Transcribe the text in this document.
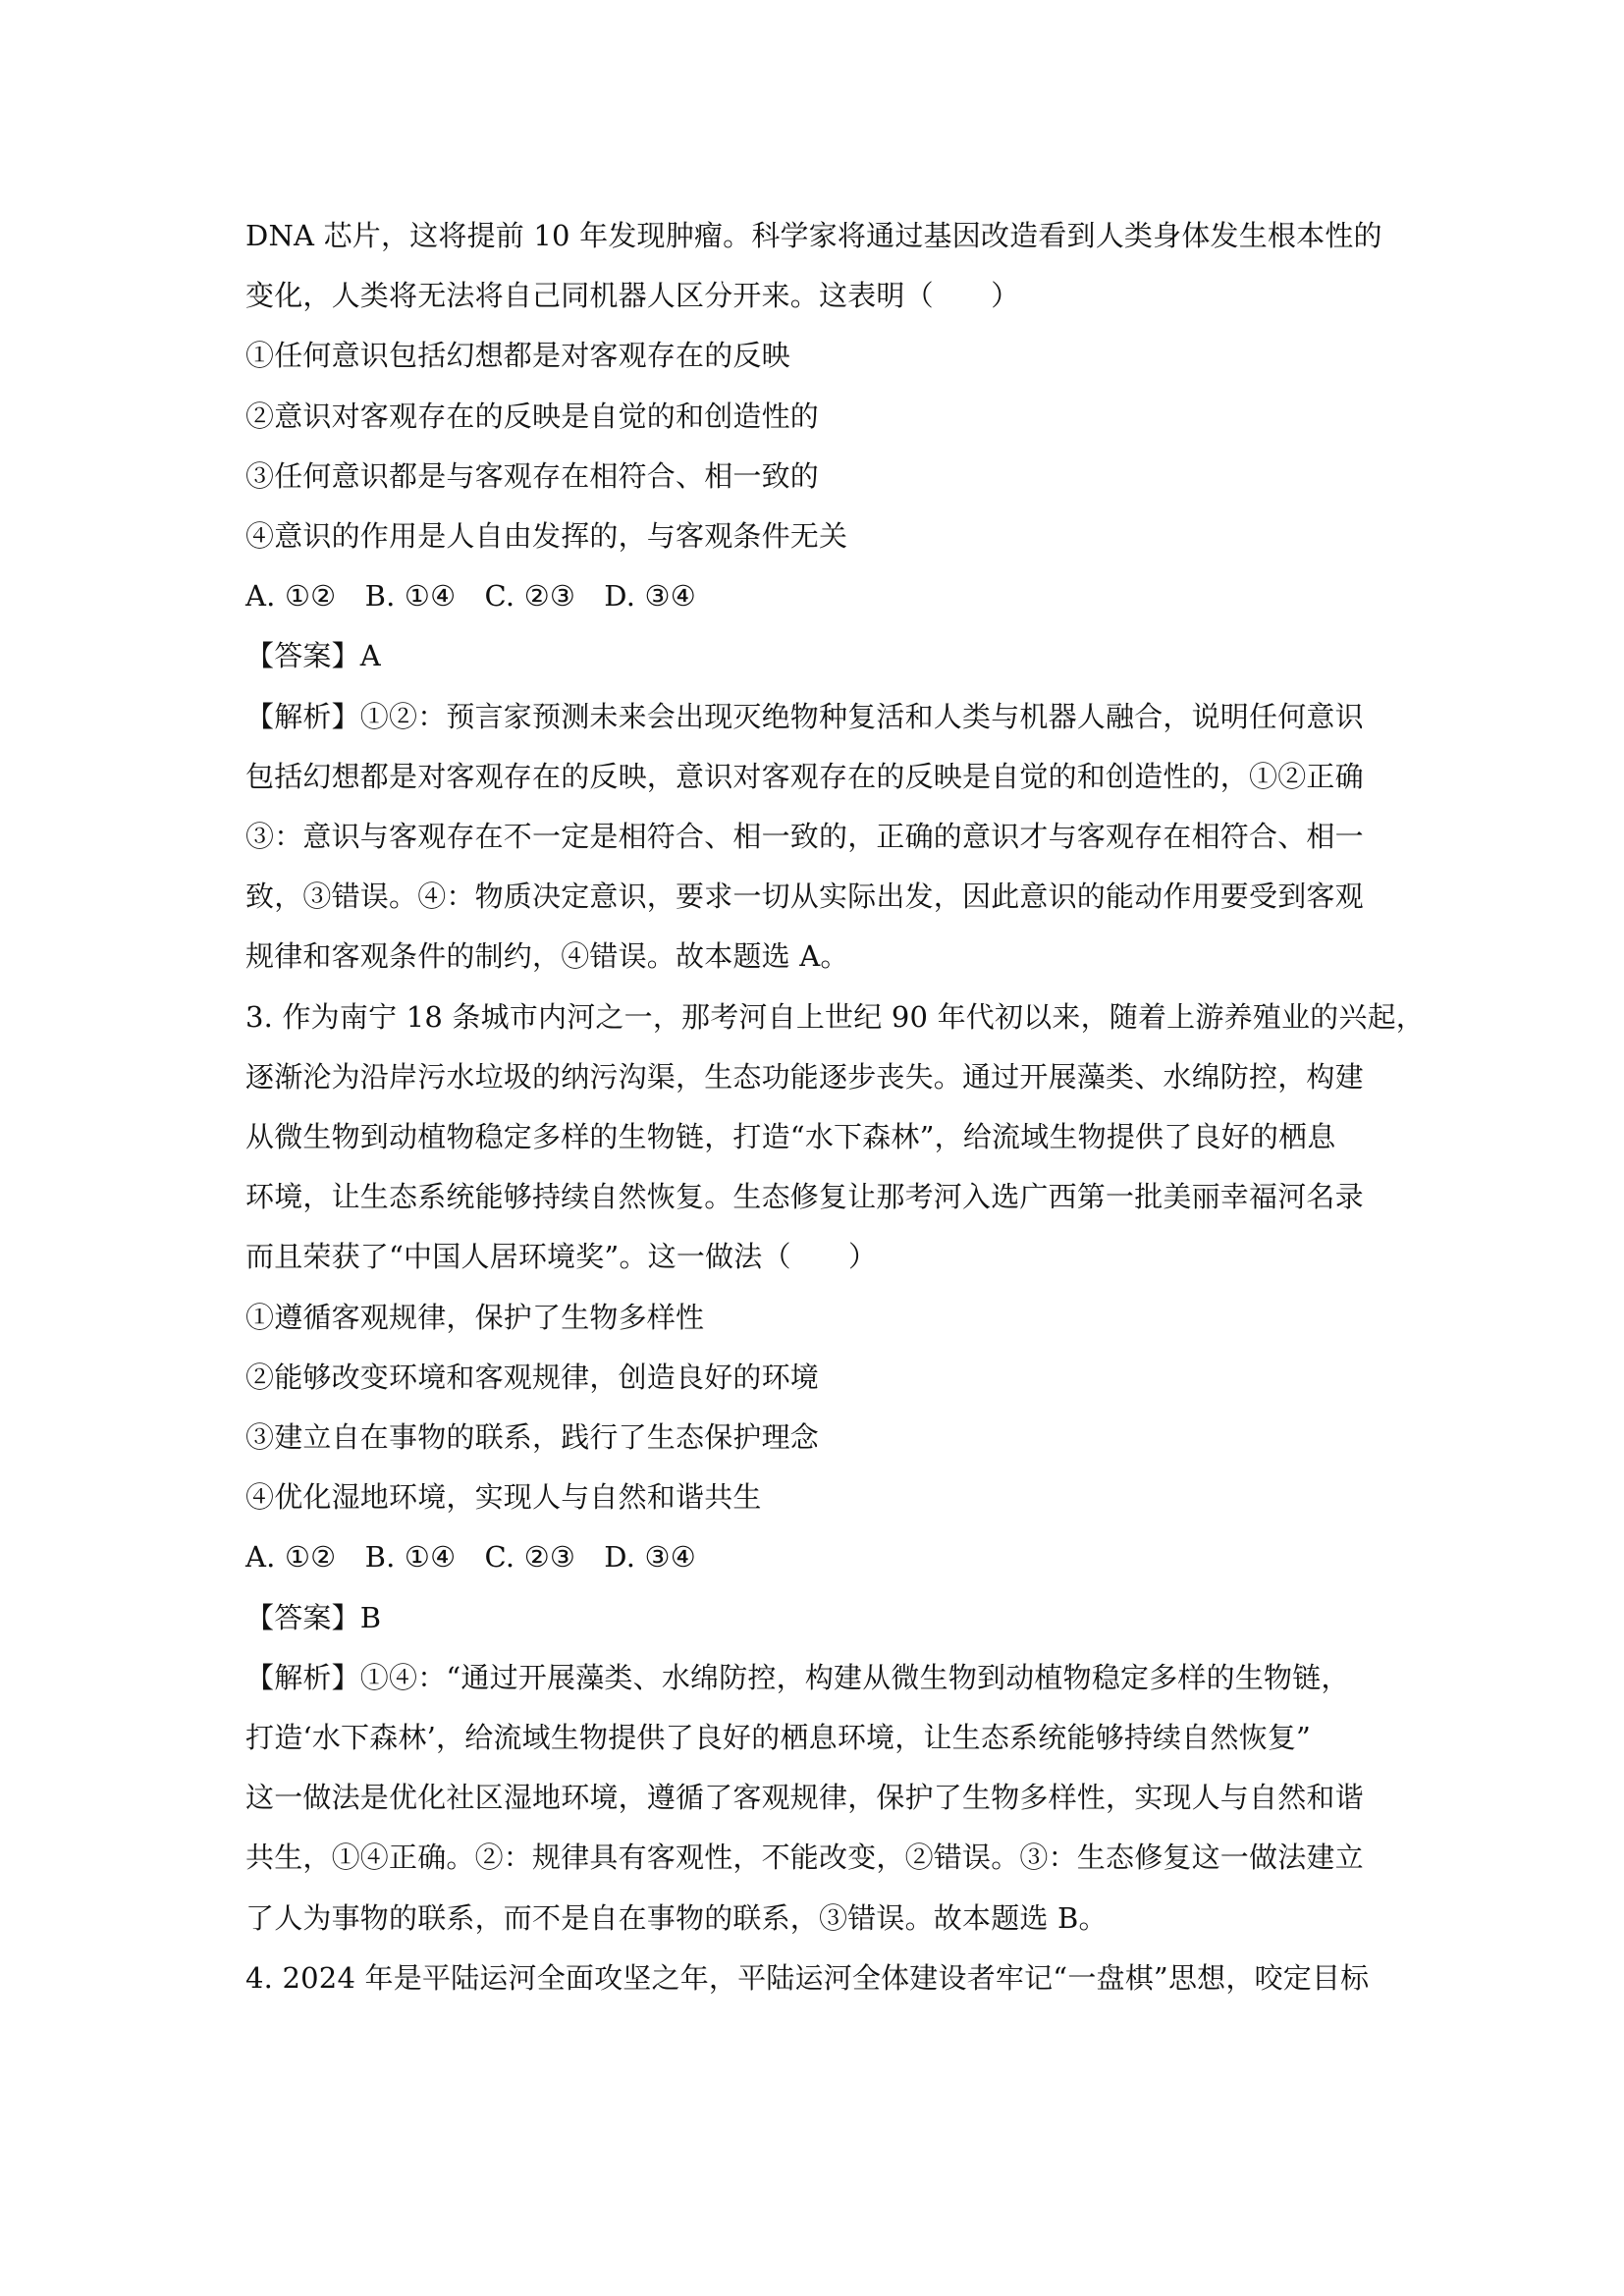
DNA 芯片，这将提前 10 年发现肿瘤。科学家将通过基因改造看到人类身体发生根本性的

变化，人类将无法将自己同机器人区分开来。这表明（　　）

①任何意识包括幻想都是对客观存在的反映

②意识对客观存在的反映是自觉的和创造性的

③任何意识都是与客观存在相符合、相一致的

④意识的作用是人自由发挥的，与客观条件无关

A. ①②　B. ①④　C. ②③　D. ③④

【答案】A

【解析】①②：预言家预测未来会出现灭绝物种复活和人类与机器人融合，说明任何意识

包括幻想都是对客观存在的反映，意识对客观存在的反映是自觉的和创造性的，①②正确

③：意识与客观存在不一定是相符合、相一致的，正确的意识才与客观存在相符合、相一

致，③错误。④：物质决定意识，要求一切从实际出发，因此意识的能动作用要受到客观

规律和客观条件的制约，④错误。故本题选 A。

3. 作为南宁 18 条城市内河之一，那考河自上世纪 90 年代初以来，随着上游养殖业的兴起，

逐渐沦为沿岸污水垃圾的纳污沟渠，生态功能逐步丧失。通过开展藻类、水绵防控，构建

从微生物到动植物稳定多样的生物链，打造“水下森林”，给流域生物提供了良好的栖息

环境，让生态系统能够持续自然恢复。生态修复让那考河入选广西第一批美丽幸福河名录

而且荣获了“中国人居环境奖”。这一做法（　　）

①遵循客观规律，保护了生物多样性

②能够改变环境和客观规律，创造良好的环境

③建立自在事物的联系，践行了生态保护理念

④优化湿地环境，实现人与自然和谐共生

A. ①②　B. ①④　C. ②③　D. ③④

【答案】B

【解析】①④：“通过开展藻类、水绵防控，构建从微生物到动植物稳定多样的生物链，

打造‘水下森林’，给流域生物提供了良好的栖息环境，让生态系统能够持续自然恢复”

这一做法是优化社区湿地环境，遵循了客观规律，保护了生物多样性，实现人与自然和谐

共生，①④正确。②：规律具有客观性，不能改变，②错误。③：生态修复这一做法建立

了人为事物的联系，而不是自在事物的联系，③错误。故本题选 B。

4. 2024 年是平陆运河全面攻坚之年，平陆运河全体建设者牢记“一盘棋”思想，咬定目标
